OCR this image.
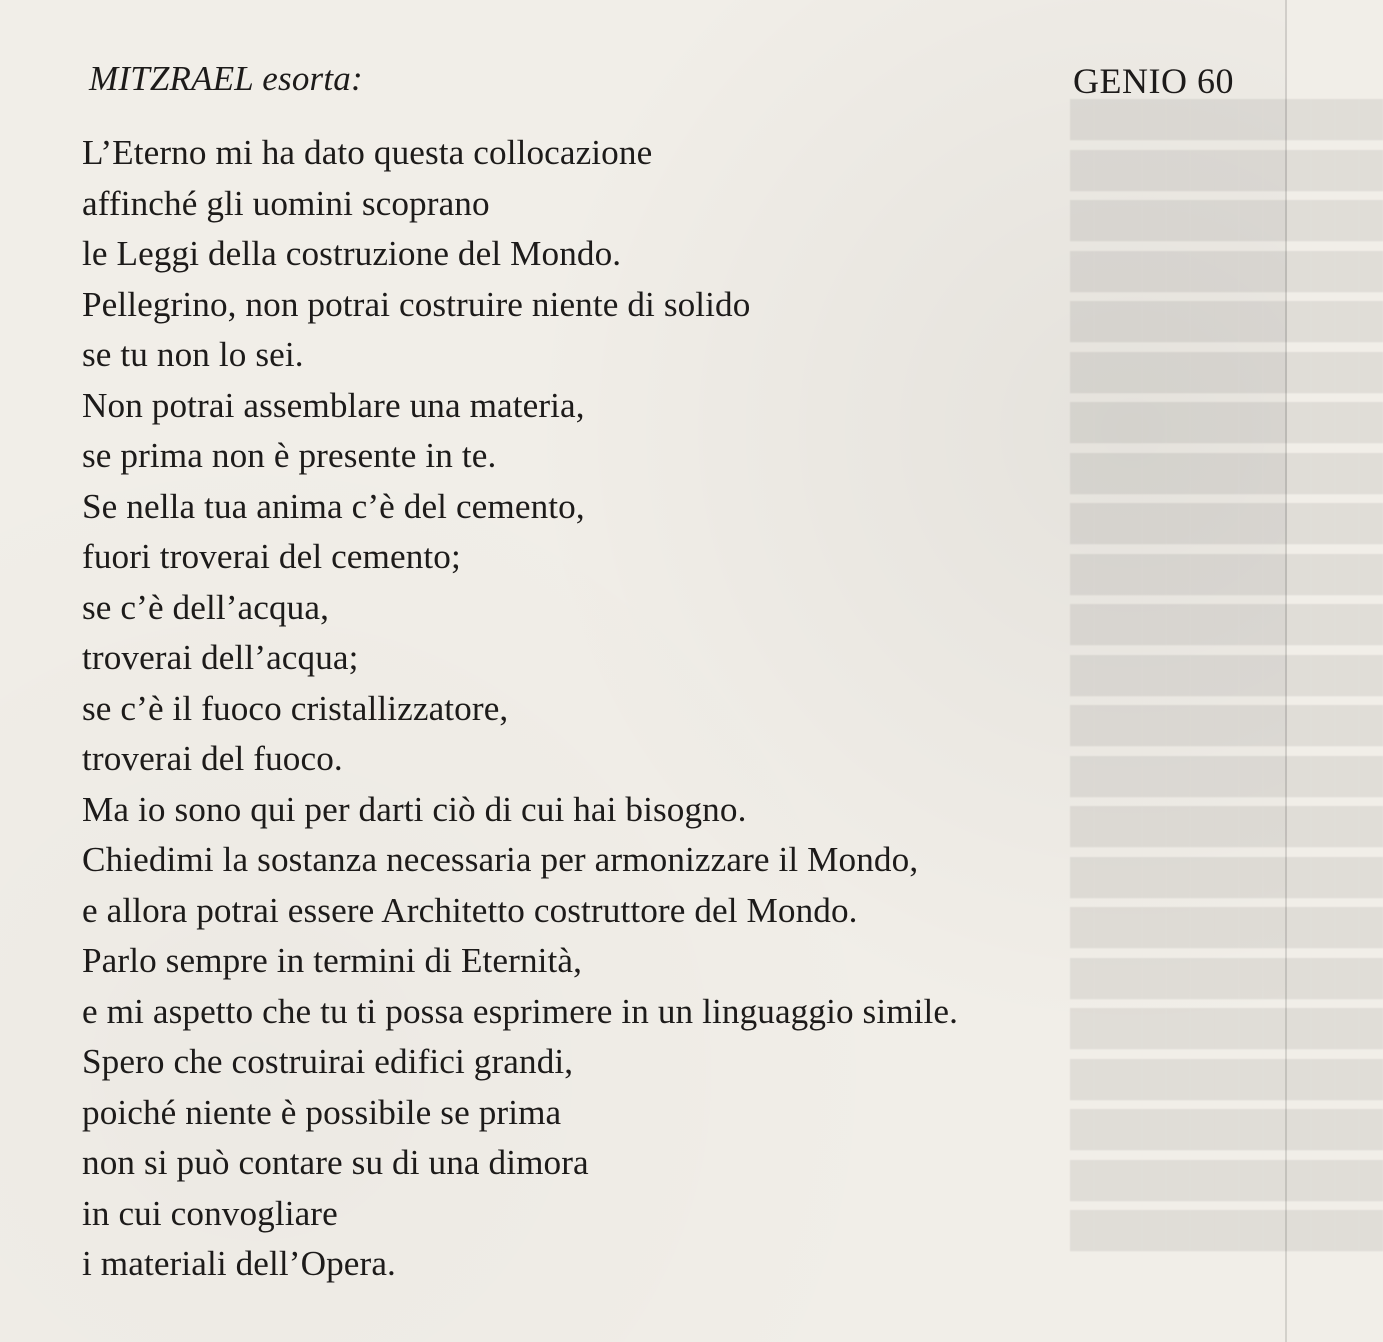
█████████████
█████████████
█████████████
█████████████
█████████████
█████████████
█████████████
█████████████
█████████████
█████████████
█████████████
█████████████
█████████████
█████████████
█████████████
█████████████
█████████████
█████████████
█████████████
█████████████
█████████████
█████████████
█████████████
MITZRAEL esorta:	GENIO 60
L’Eterno mi ha dato questa collocazione
affinché gli uomini scoprano
le Leggi della costruzione del Mondo.
Pellegrino, non potrai costruire niente di solido
se tu non lo sei.
Non potrai assemblare una materia,
se prima non è presente in te.
Se nella tua anima c’è del cemento,
fuori troverai del cemento;
se c’è dell’acqua,
troverai dell’acqua;
se c’è il fuoco cristallizzatore,
troverai del fuoco.
Ma io sono qui per darti ciò di cui hai bisogno.
Chiedimi la sostanza necessaria per armonizzare il Mondo,
e allora potrai essere Architetto costruttore del Mondo.
Parlo sempre in termini di Eternità,
e mi aspetto che tu ti possa esprimere in un linguaggio simile.
Spero che costruirai edifici grandi,
poiché niente è possibile se prima
non si può contare su di una dimora
in cui convogliare
i materiali dell’Opera.
